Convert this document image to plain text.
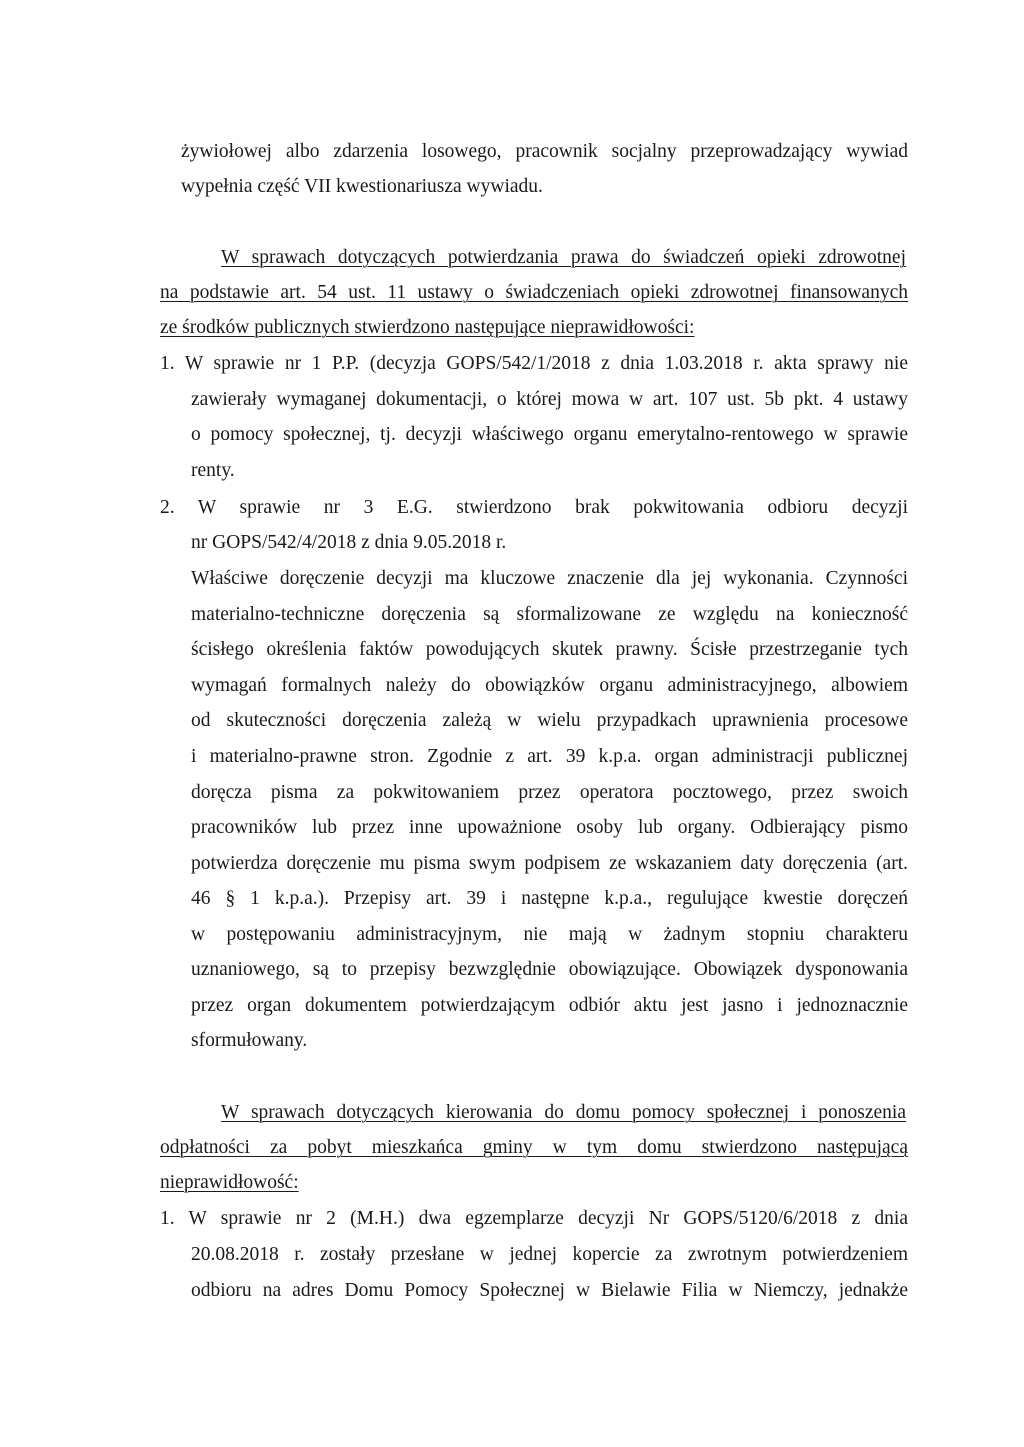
żywiołowej albo zdarzenia losowego, pracownik socjalny przeprowadzający wywiad
wypełnia część VII kwestionariusza wywiadu.
W sprawach dotyczących potwierdzania prawa do świadczeń opieki zdrowotnej
na podstawie art. 54 ust. 11 ustawy o świadczeniach opieki zdrowotnej finansowanych
ze środków publicznych stwierdzono następujące nieprawidłowości:
1. W sprawie nr 1 P.P. (decyzja GOPS/542/1/2018 z dnia 1.03.2018 r. akta sprawy nie
zawierały wymaganej dokumentacji, o której mowa w art. 107 ust. 5b pkt. 4 ustawy
o pomocy społecznej, tj. decyzji właściwego organu emerytalno-rentowego w sprawie
renty.
2. W sprawie nr 3 E.G. stwierdzono brak pokwitowania odbioru decyzji
nr GOPS/542/4/2018 z dnia 9.05.2018 r.
Właściwe doręczenie decyzji ma kluczowe znaczenie dla jej wykonania. Czynności
materialno-techniczne doręczenia są sformalizowane ze względu na konieczność
ścisłego określenia faktów powodujących skutek prawny. Ścisłe przestrzeganie tych
wymagań formalnych należy do obowiązków organu administracyjnego, albowiem
od skuteczności doręczenia zależą w wielu przypadkach uprawnienia procesowe
i materialno-prawne stron. Zgodnie z art. 39 k.p.a. organ administracji publicznej
doręcza pisma za pokwitowaniem przez operatora pocztowego, przez swoich
pracowników lub przez inne upoważnione osoby lub organy. Odbierający pismo
potwierdza doręczenie mu pisma swym podpisem ze wskazaniem daty doręczenia (art.
46 § 1 k.p.a.). Przepisy art. 39 i następne k.p.a., regulujące kwestie doręczeń
w postępowaniu administracyjnym, nie mają w żadnym stopniu charakteru
uznaniowego, są to przepisy bezwzględnie obowiązujące. Obowiązek dysponowania
przez organ dokumentem potwierdzającym odbiór aktu jest jasno i jednoznacznie
sformułowany.
W sprawach dotyczących kierowania do domu pomocy społecznej i ponoszenia
odpłatności za pobyt mieszkańca gminy w tym domu stwierdzono następującą
nieprawidłowość:
1. W sprawie nr 2 (M.H.) dwa egzemplarze decyzji Nr GOPS/5120/6/2018 z dnia
20.08.2018 r. zostały przesłane w jednej kopercie za zwrotnym potwierdzeniem
odbioru na adres Domu Pomocy Społecznej w Bielawie Filia w Niemczy, jednakże
